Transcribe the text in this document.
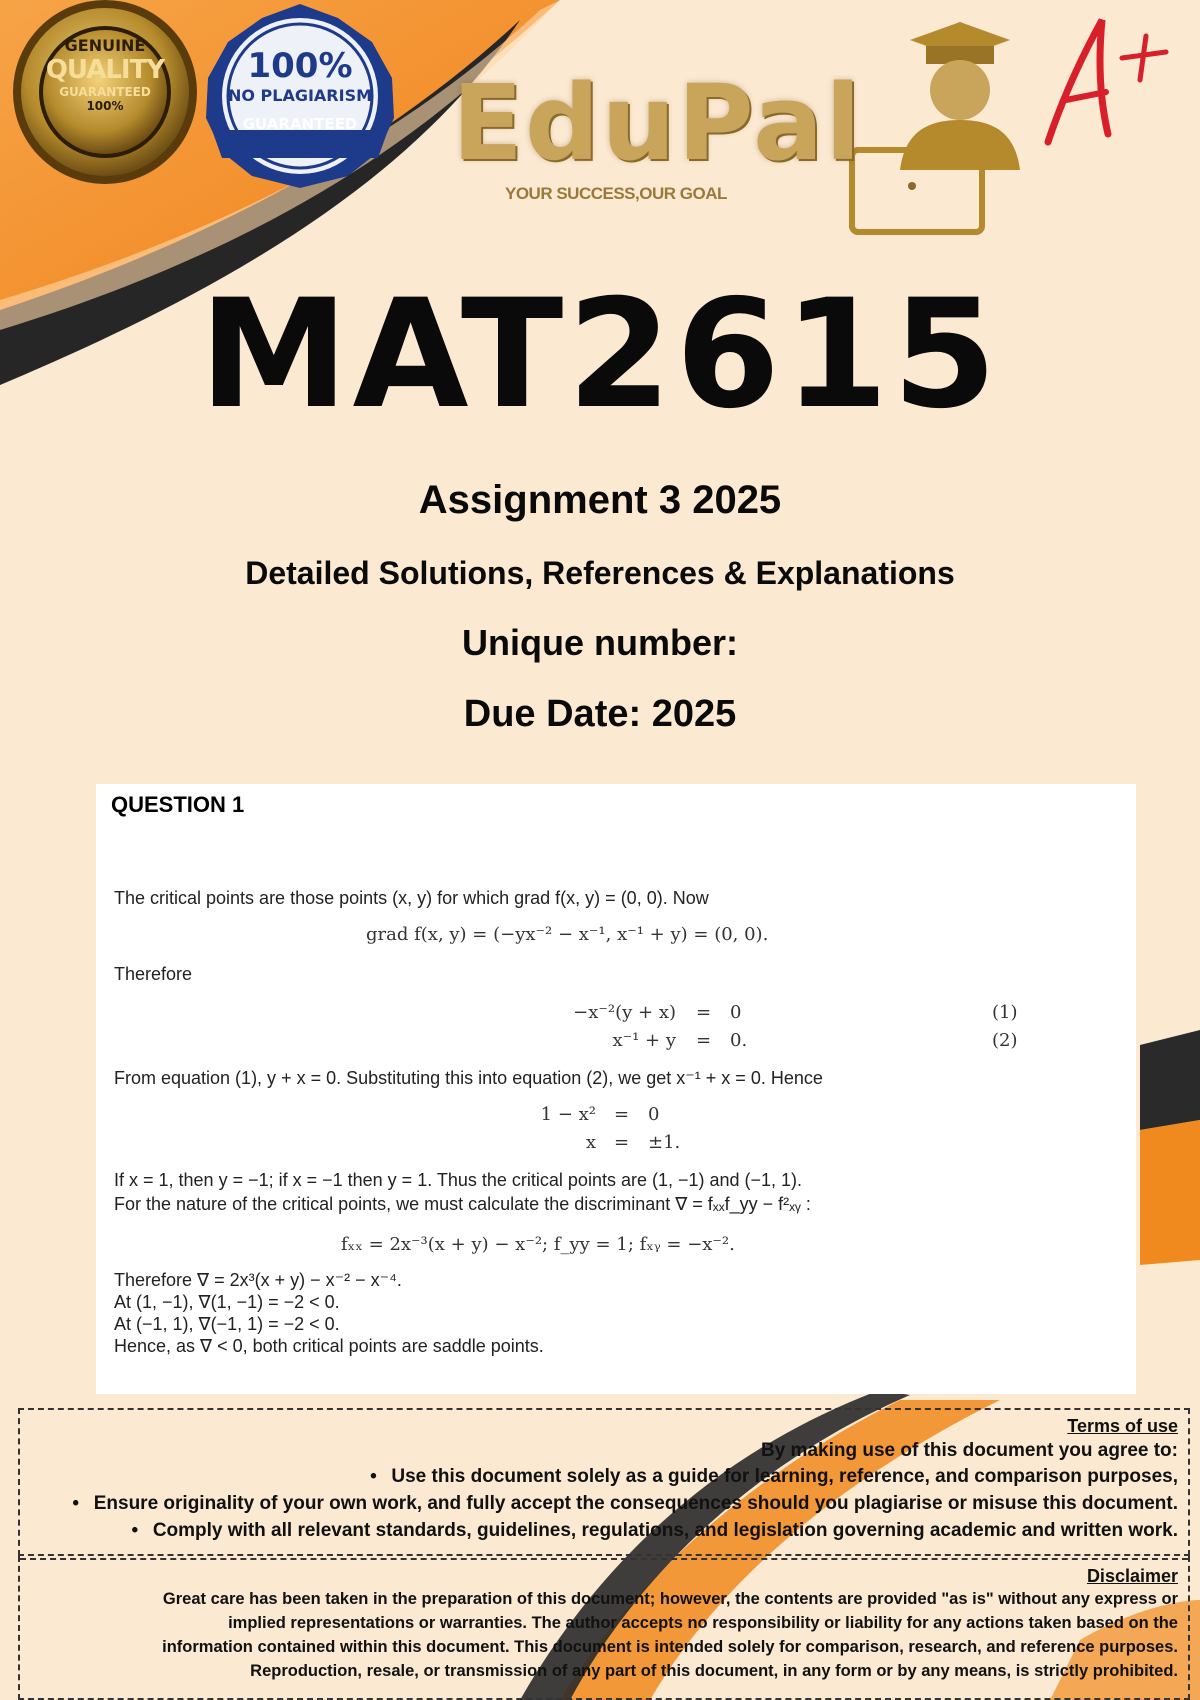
GENUINE
QUALITY
GUARANTEED
100%
100%
NO PLAGIARISM
GUARANTEED EduPal
YOUR SUCCESS,OUR GOAL
MAT2615
Assignment 3 2025
Detailed Solutions, References & Explanations
Unique number:
Due Date: 2025
QUESTION 1
The critical points are those points (x, y) for which grad f(x, y) = (0, 0). Now
grad f(x, y) = (−yx⁻² − x⁻¹, x⁻¹ + y) = (0, 0).
Therefore
−x⁻²(y + x) = 0	(1)
x⁻¹ + y = 0.	(2)
From equation (1), y + x = 0. Substituting this into equation (2), we get x⁻¹ + x = 0. Hence
1 − x² = 0
x = ±1.
If x = 1, then y = −1; if x = −1 then y = 1. Thus the critical points are (1, −1) and (−1, 1).
For the nature of the critical points, we must calculate the discriminant ∇ = fₓₓf_yy − f²ₓᵧ :
fₓₓ = 2x⁻³(x + y) − x⁻²; f_yy = 1; fₓᵧ = −x⁻².
Therefore ∇ = 2x³(x + y) − x⁻² − x⁻⁴.
At (1, −1), ∇(1, −1) = −2 < 0.
At (−1, 1), ∇(−1, 1) = −2 < 0.
Hence, as ∇ < 0, both critical points are saddle points.
Terms of use
By making use of this document you agree to:
• Use this document solely as a guide for learning, reference, and comparison purposes,
• Ensure originality of your own work, and fully accept the consequences should you plagiarise or misuse this document.
• Comply with all relevant standards, guidelines, regulations, and legislation governing academic and written work.
Disclaimer
Great care has been taken in the preparation of this document; however, the contents are provided "as is" without any express or
implied representations or warranties. The author accepts no responsibility or liability for any actions taken based on the
information contained within this document. This document is intended solely for comparison, research, and reference purposes.
Reproduction, resale, or transmission of any part of this document, in any form or by any means, is strictly prohibited.
